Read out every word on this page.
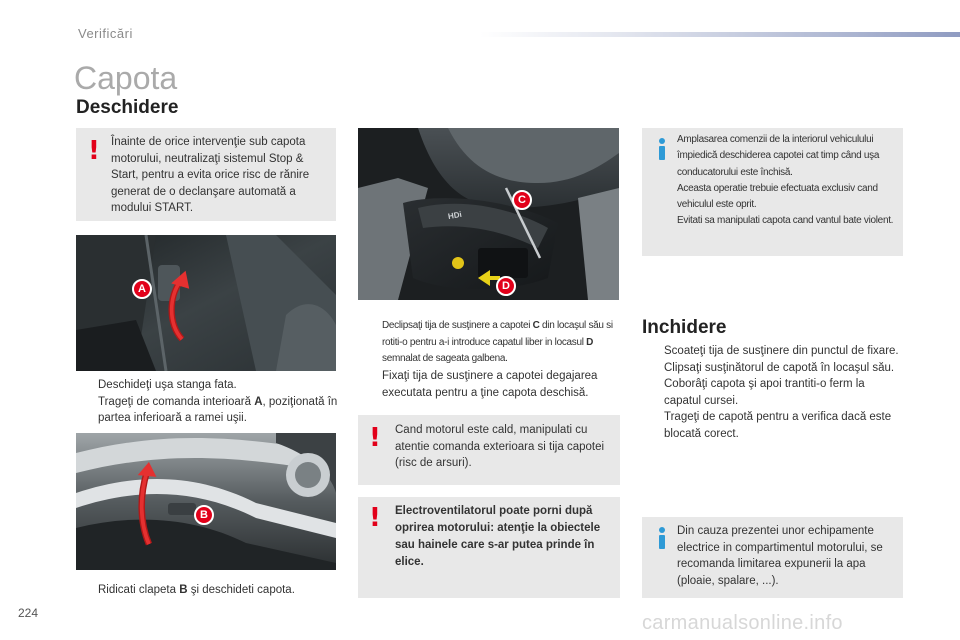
Verificări
Capota
Deschidere
! Înainte de orice intervenţie sub capota motorului, neutralizaţi sistemul Stop & Start, pentru a evita orice risc de rănire generat de o declanşare automată a modului START.
A
Deschideţi uşa stanga fata.
Trageţi de comanda interioară A, poziţionată în partea inferioară a ramei uşii.
B
Ridicati clapeta B şi deschideti capota.
HDi
C
D
Declipsaţi tija de susţinere a capotei C din locaşul său si rotiti-o pentru a-i introduce capatul liber in locasul D semnalat de sageata galbena.
Fixaţi tija de susţinere a capotei degajarea executata pentru a ţine capota deschisă.
! Cand motorul este cald, manipulati cu atentie comanda exterioara si tija capotei (risc de arsuri).
! Electroventilatorul poate porni după oprirea motorului: atenţie la obiectele sau hainele care s-ar putea prinde în elice.
Amplasarea comenzii de la interiorul vehiculului împiedică deschiderea capotei cat timp când uşa conducatorului este închisă.
Aceasta operatie trebuie efectuata exclusiv cand vehiculul este oprit.
Evitati sa manipulati capota cand vantul bate violent.
Inchidere
Scoateţi tija de susţinere din punctul de fixare.
Clipsaţi susţinătorul de capotă în locaşul său.
Coborâţi capota şi apoi trantiti-o ferm la capatul cursei.
Trageţi de capotă pentru a verifica dacă este blocată corect.
Din cauza prezentei unor echipamente electrice in compartimentul motorului, se recomanda limitarea expunerii la apa (ploaie, spalare, ...).
224	carmanualsonline.info
